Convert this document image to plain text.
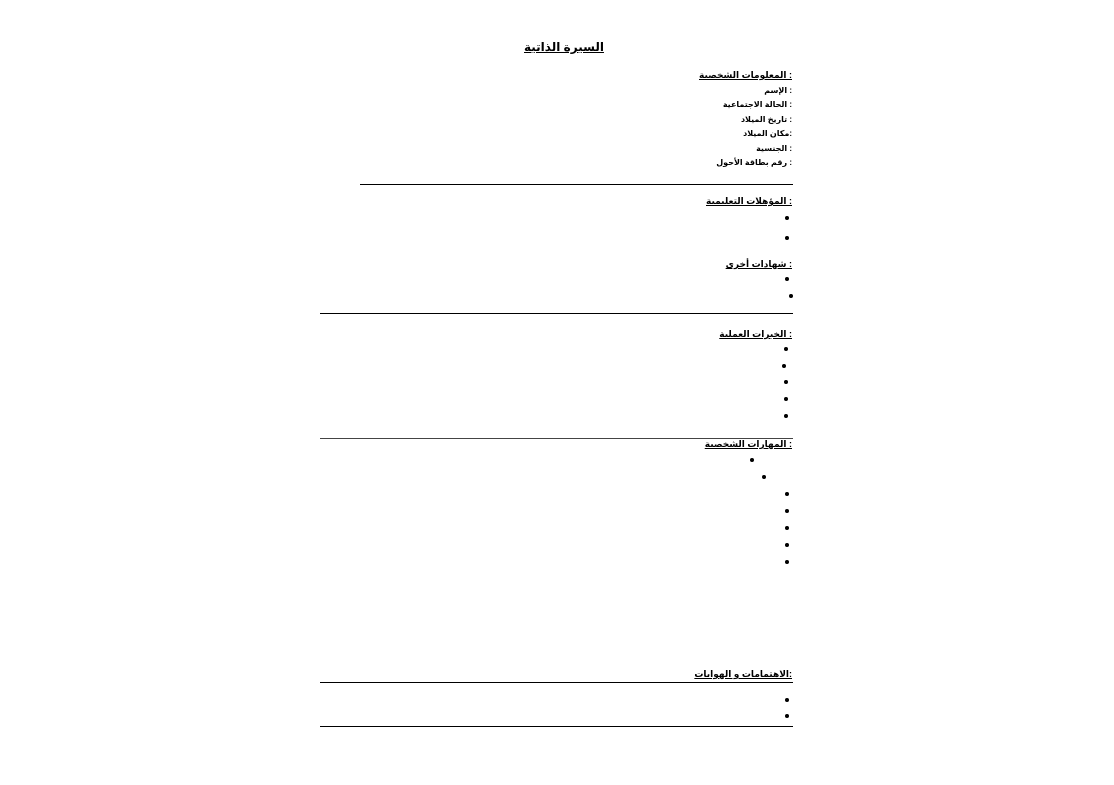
السيرة الذاتية
: المعلومات الشخصية
: الإسم
: الحالة الاجتماعية
: تاريخ الميلاد
:مكان الميلاد
: الجنسية
: رقم بطاقة الأحول
: المؤهلات التعليمية
: شهادات أخرى
: الخبرات العملية
: المهارات الشخصية
:الاهتمامات و الهوايات
